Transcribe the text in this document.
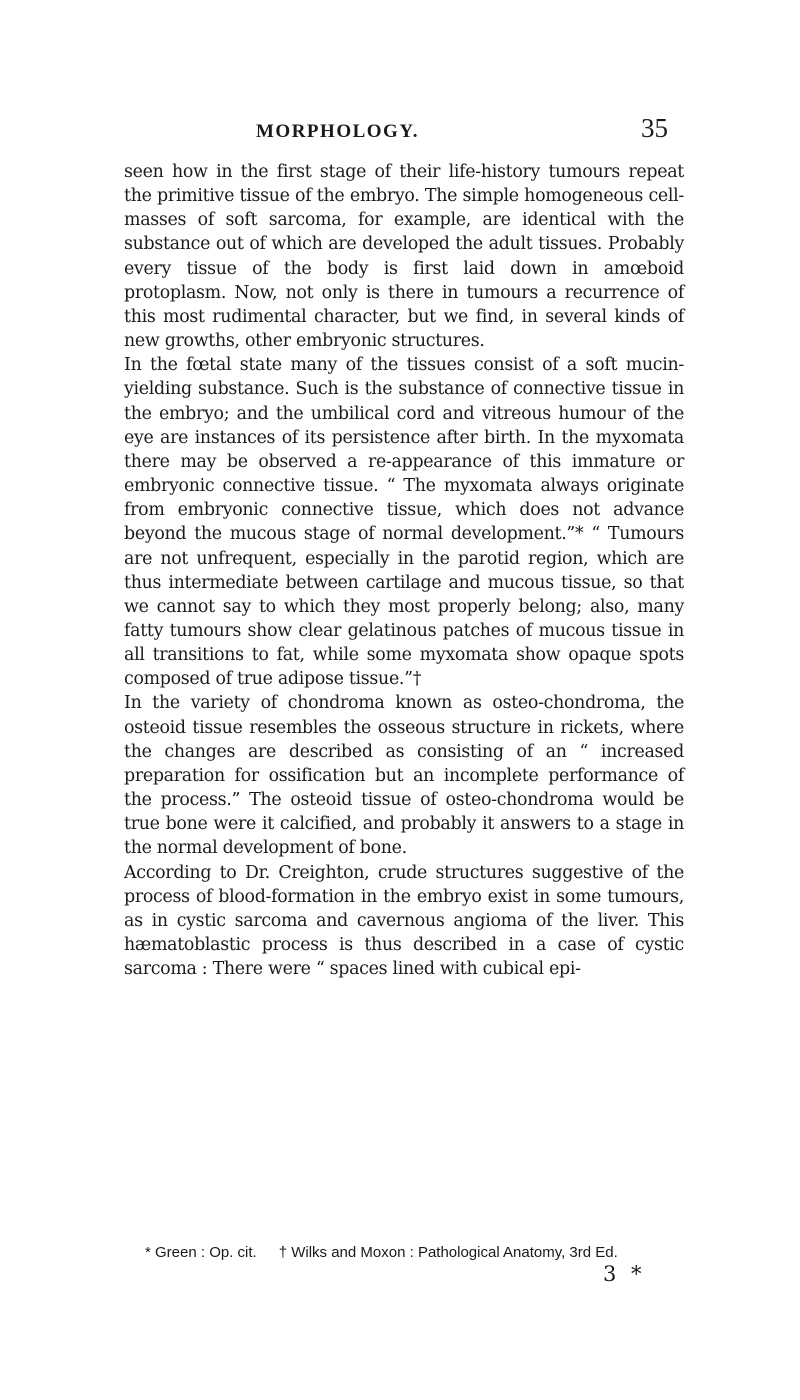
MORPHOLOGY.	35

seen how in the first stage of their life-history tumours repeat the primitive tissue of the embryo. The simple homogeneous cell-masses of soft sarcoma, for example, are identical with the substance out of which are developed the adult tissues. Probably every tissue of the body is first laid down in amœboid protoplasm. Now, not only is there in tumours a recurrence of this most rudimental character, but we find, in several kinds of new growths, other embryonic structures.

In the fœtal state many of the tissues consist of a soft mucin-yielding substance. Such is the substance of connective tissue in the embryo; and the umbilical cord and vitreous humour of the eye are instances of its persistence after birth. In the myxomata there may be observed a re-appearance of this immature or embryonic connective tissue. “ The myxomata always originate from embryonic connective tissue, which does not advance beyond the mucous stage of normal development.”* “ Tumours are not unfrequent, especially in the parotid region, which are thus intermediate between cartilage and mucous tissue, so that we cannot say to which they most properly belong; also, many fatty tumours show clear gelatinous patches of mucous tissue in all transitions to fat, while some myxomata show opaque spots composed of true adipose tissue.”†

In the variety of chondroma known as osteo-chondroma, the osteoid tissue resembles the osseous structure in rickets, where the changes are described as consisting of an “ increased preparation for ossification but an incomplete performance of the process.” The osteoid tissue of osteo-chondroma would be true bone were it calcified, and probably it answers to a stage in the normal development of bone.

According to Dr. Creighton, crude structures suggestive of the process of blood-formation in the embryo exist in some tumours, as in cystic sarcoma and cavernous angioma of the liver. This hæmatoblastic process is thus described in a case of cystic sarcoma : There were “ spaces lined with cubical epi-

* Green : Op. cit. † Wilks and Moxon : Pathological Anatomy, 3rd Ed.
3 *
